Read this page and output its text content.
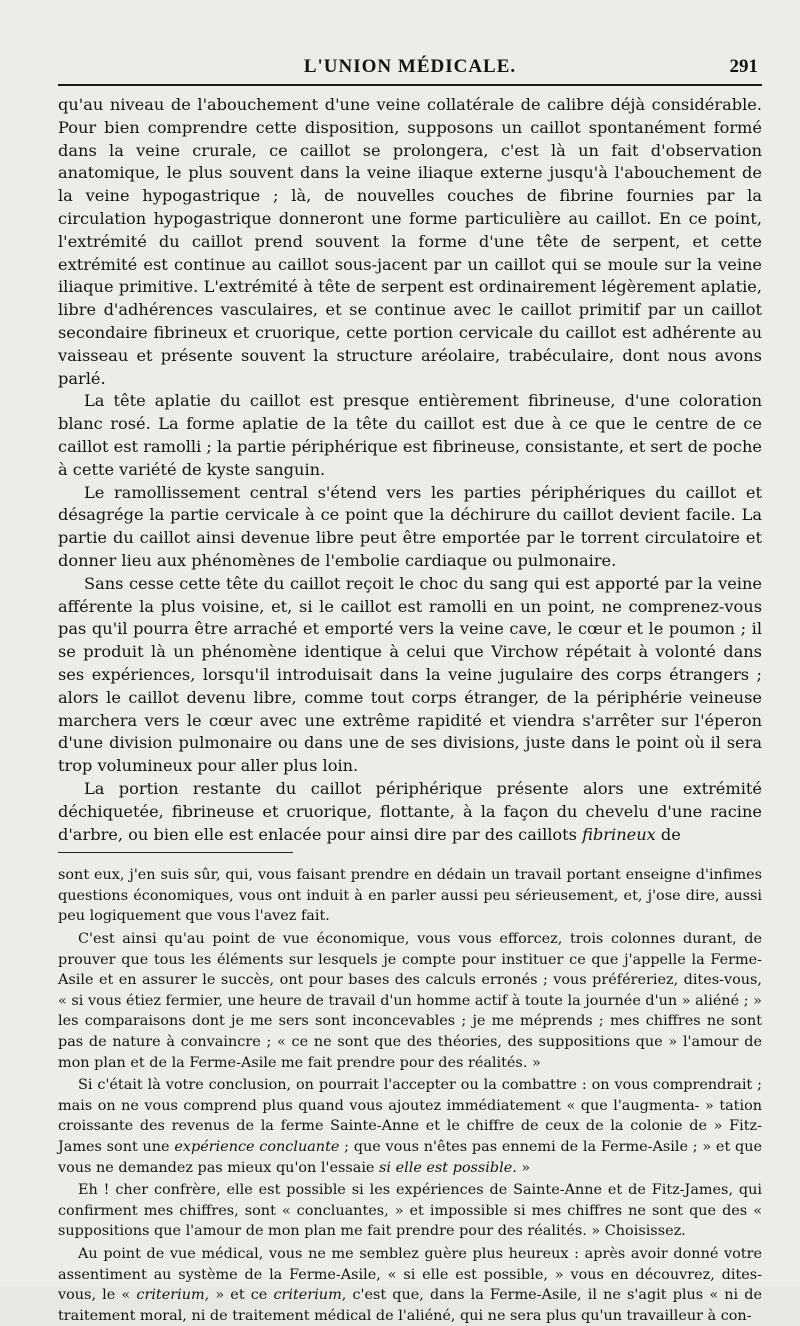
L'UNION MÉDICALE.	291

qu'au niveau de l'abouchement d'une veine collatérale de calibre déjà considérable. Pour bien comprendre cette disposition, supposons un caillot spontanément formé dans la veine crurale, ce caillot se prolongera, c'est là un fait d'observation anatomique, le plus souvent dans la veine iliaque externe jusqu'à l'abouchement de la veine hypogastrique ; là, de nouvelles couches de fibrine fournies par la circulation hypogastrique donneront une forme particulière au caillot. En ce point, l'extrémité du caillot prend souvent la forme d'une tête de serpent, et cette extrémité est continue au caillot sous-jacent par un caillot qui se moule sur la veine iliaque primitive. L'extrémité à tête de serpent est ordinairement légèrement aplatie, libre d'adhérences vasculaires, et se continue avec le caillot primitif par un caillot secondaire fibrineux et cruorique, cette portion cervicale du caillot est adhérente au vaisseau et présente souvent la structure aréolaire, trabéculaire, dont nous avons parlé.

La tête aplatie du caillot est presque entièrement fibrineuse, d'une coloration blanc rosé. La forme aplatie de la tête du caillot est due à ce que le centre de ce caillot est ramolli ; la partie périphérique est fibrineuse, consistante, et sert de poche à cette variété de kyste sanguin.

Le ramollissement central s'étend vers les parties périphériques du caillot et désagrége la partie cervicale à ce point que la déchirure du caillot devient facile. La partie du caillot ainsi devenue libre peut être emportée par le torrent circulatoire et donner lieu aux phénomènes de l'embolie cardiaque ou pulmonaire.

Sans cesse cette tête du caillot reçoit le choc du sang qui est apporté par la veine afférente la plus voisine, et, si le caillot est ramolli en un point, ne comprenez-vous pas qu'il pourra être arraché et emporté vers la veine cave, le cœur et le poumon ; il se produit là un phénomène identique à celui que Virchow répétait à volonté dans ses expériences, lorsqu'il introduisait dans la veine jugulaire des corps étrangers ; alors le caillot devenu libre, comme tout corps étranger, de la périphérie veineuse marchera vers le cœur avec une extrême rapidité et viendra s'arrêter sur l'éperon d'une division pulmonaire ou dans une de ses divisions, juste dans le point où il sera trop volumineux pour aller plus loin.

La portion restante du caillot périphérique présente alors une extrémité déchiquetée, fibrineuse et cruorique, flottante, à la façon du chevelu d'une racine d'arbre, ou bien elle est enlacée pour ainsi dire par des caillots fibrineux de

sont eux, j'en suis sûr, qui, vous faisant prendre en dédain un travail portant enseigne d'infimes questions économiques, vous ont induit à en parler aussi peu sérieusement, et, j'ose dire, aussi peu logiquement que vous l'avez fait.

C'est ainsi qu'au point de vue économique, vous vous efforcez, trois colonnes durant, de prouver que tous les éléments sur lesquels je compte pour instituer ce que j'appelle la Ferme-Asile et en assurer le succès, ont pour bases des calculs erronés ; vous préféreriez, dites-vous, « si vous étiez fermier, une heure de travail d'un homme actif à toute la journée d'un » aliéné ; » les comparaisons dont je me sers sont inconcevables ; je me méprends ; mes chiffres ne sont pas de nature à convaincre ; « ce ne sont que des théories, des suppositions que » l'amour de mon plan et de la Ferme-Asile me fait prendre pour des réalités. »

Si c'était là votre conclusion, on pourrait l'accepter ou la combattre : on vous comprendrait ; mais on ne vous comprend plus quand vous ajoutez immédiatement « que l'augmenta- » tation croissante des revenus de la ferme Sainte-Anne et le chiffre de ceux de la colonie de » Fitz-James sont une expérience concluante ; que vous n'êtes pas ennemi de la Ferme-Asile ; » et que vous ne demandez pas mieux qu'on l'essaie si elle est possible. »

Eh ! cher confrère, elle est possible si les expériences de Sainte-Anne et de Fitz-James, qui confirment mes chiffres, sont « concluantes, » et impossible si mes chiffres ne sont que des « suppositions que l'amour de mon plan me fait prendre pour des réalités. » Choisissez.

Au point de vue médical, vous ne me semblez guère plus heureux : après avoir donné votre assentiment au système de la Ferme-Asile, « si elle est possible, » vous en découvrez, dites-vous, le « criterium, » et ce criterium, c'est que, dans la Ferme-Asile, il ne s'agit plus « ni de traitement moral, ni de traitement médical de l'aliéné, qui ne sera plus qu'un travailleur à con-
